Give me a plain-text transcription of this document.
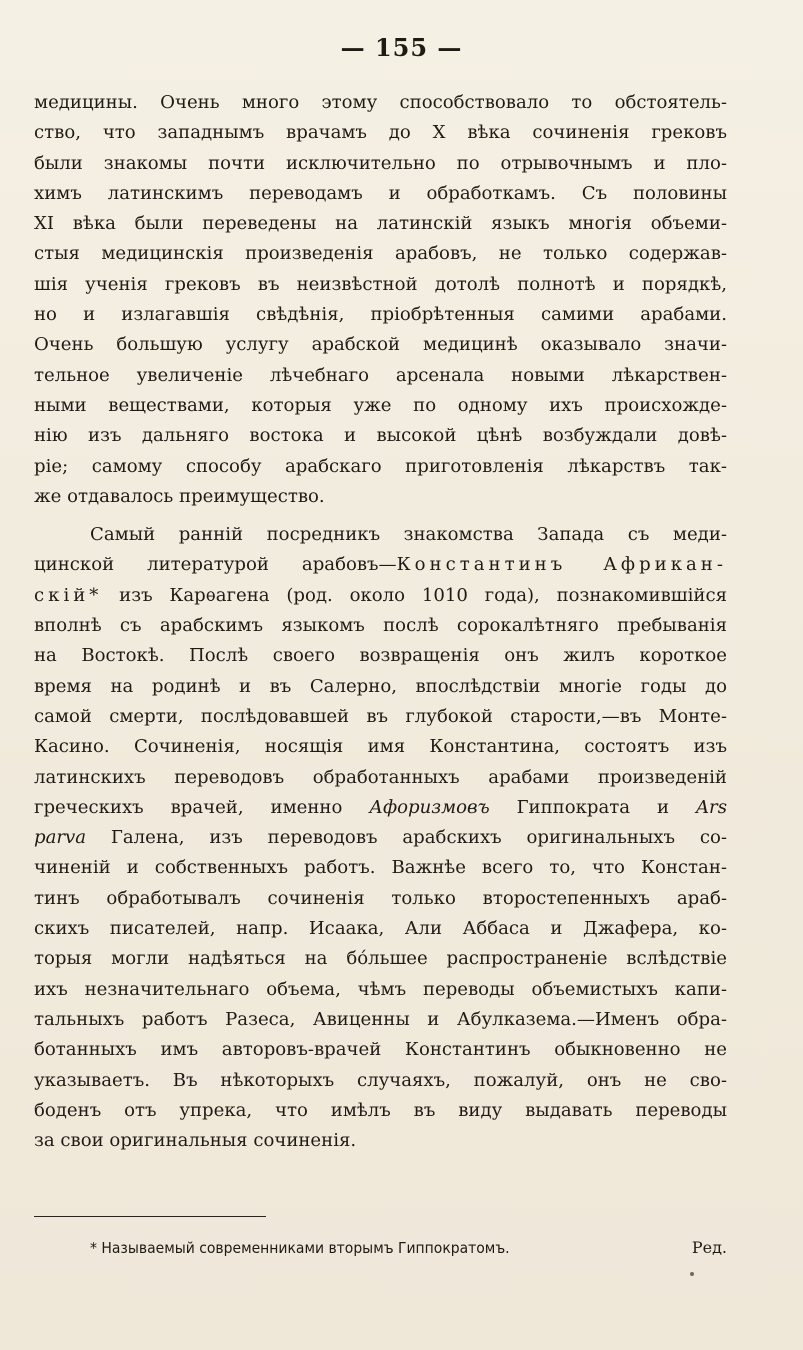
— 155 —
медицины. Очень много этому способствовало то обстоятель-
ство, что западнымъ врачамъ до X вѣка сочиненія грековъ
были знакомы почти исключительно по отрывочнымъ и пло-
химъ латинскимъ переводамъ и обработкамъ. Съ половины
XI вѣка были переведены на латинскій языкъ многія объеми-
стыя медицинскія произведенія арабовъ, не только содержав-
шія ученія грековъ въ неизвѣстной дотолѣ полнотѣ и порядкѣ,
но и излагавшія свѣдѣнія, пріобрѣтенныя самими арабами.
Очень большую услугу арабской медицинѣ оказывало значи-
тельное увеличеніе лѣчебнаго арсенала новыми лѣкарствен-
ными веществами, которыя уже по одному ихъ происхожде-
нію изъ дальняго востока и высокой цѣнѣ возбуждали довѣ-
ріе; самому способу арабскаго приготовленія лѣкарствъ так-
же отдавалось преимущество.
Самый раннiй посредникъ знакомства Запада съ меди-
цинской литературой арабовъ—Константинъ Африкан-
скій* изъ Карѳагена (род. около 1010 года), познакомившійся
вполнѣ съ арабскимъ языкомъ послѣ сорокалѣтняго пребыванія
на Востокѣ. Послѣ своего возвращенія онъ жилъ короткое
время на родинѣ и въ Салерно, впослѣдствіи многіе годы до
самой смерти, послѣдовавшей въ глубокой старости,—въ Монте-
Касино. Сочиненія, носящія имя Константина, состоятъ изъ
латинскихъ переводовъ обработанныхъ арабами произведеній
греческихъ врачей, именно Афоризмовъ Гиппократа и Ars
parva Галена, изъ переводовъ арабскихъ оригинальныхъ со-
чиненій и собственныхъ работъ. Важнѣе всего то, что Констан-
тинъ обработывалъ сочиненія только второстепенныхъ араб-
скихъ писателей, напр. Исаака, Али Аббаса и Джафера, ко-
торыя могли надѣяться на бóльшее распространеніе вслѣдствіе
ихъ незначительнаго объема, чѣмъ переводы объемистыхъ капи-
тальныхъ работъ Разеса, Авиценны и Абулказема.—Именъ обра-
ботанныхъ имъ авторовъ-врачей Константинъ обыкновенно не
указываетъ. Въ нѣкоторыхъ случаяхъ, пожалуй, онъ не сво-
боденъ отъ упрека, что имѣлъ въ виду выдавать переводы
за свои оригинальныя сочиненія.
* Называемый современниками вторымъ Гиппократомъ.	Ред.
